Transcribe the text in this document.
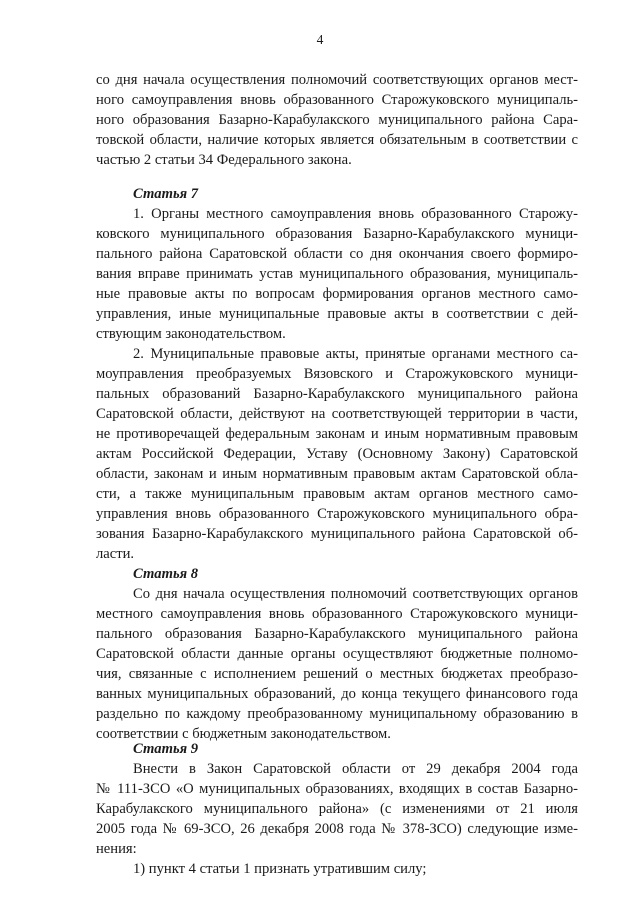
4
со дня начала осуществления полномочий соответствующих органов мест-
ного самоуправления вновь образованного Старожуковского муниципаль-
ного образования Базарно-Карабулакского муниципального района Сара-
товской области, наличие которых является обязательным в соответствии с
частью 2 статьи 34 Федерального закона.
Статья 7
1. Органы местного самоуправления вновь образованного Старожу-
ковского муниципального образования Базарно-Карабулакского муници-
пального района Саратовской области со дня окончания своего формиро-
вания вправе принимать устав муниципального образования, муниципаль-
ные правовые акты по вопросам формирования органов местного само-
управления, иные муниципальные правовые акты в соответствии с дей-
ствующим законодательством.
2. Муниципальные правовые акты, принятые органами местного са-
моуправления преобразуемых Вязовского и Старожуковского муници-
пальных образований Базарно-Карабулакского муниципального района
Саратовской области, действуют на соответствующей территории в части,
не противоречащей федеральным законам и иным нормативным правовым
актам Российской Федерации, Уставу (Основному Закону) Саратовской
области, законам и иным нормативным правовым актам Саратовской обла-
сти, а также муниципальным правовым актам органов местного само-
управления вновь образованного Старожуковского муниципального обра-
зования Базарно-Карабулакского муниципального района Саратовской об-
ласти.
Статья 8
Со дня начала осуществления полномочий соответствующих органов
местного самоуправления вновь образованного Старожуковского муници-
пального образования Базарно-Карабулакского муниципального района
Саратовской области данные органы осуществляют бюджетные полномо-
чия, связанные с исполнением решений о местных бюджетах преобразо-
ванных муниципальных образований, до конца текущего финансового года
раздельно по каждому преобразованному муниципальному образованию в
соответствии с бюджетным законодательством.
Статья 9
Внести в Закон Саратовской области от 29 декабря 2004 года
№ 111-ЗСО «О муниципальных образованиях, входящих в состав Базарно-
Карабулакского муниципального района» (с изменениями от 21 июля
2005 года № 69-ЗСО, 26 декабря 2008 года № 378-ЗСО) следующие изме-
нения:
1) пункт 4 статьи 1 признать утратившим силу;
